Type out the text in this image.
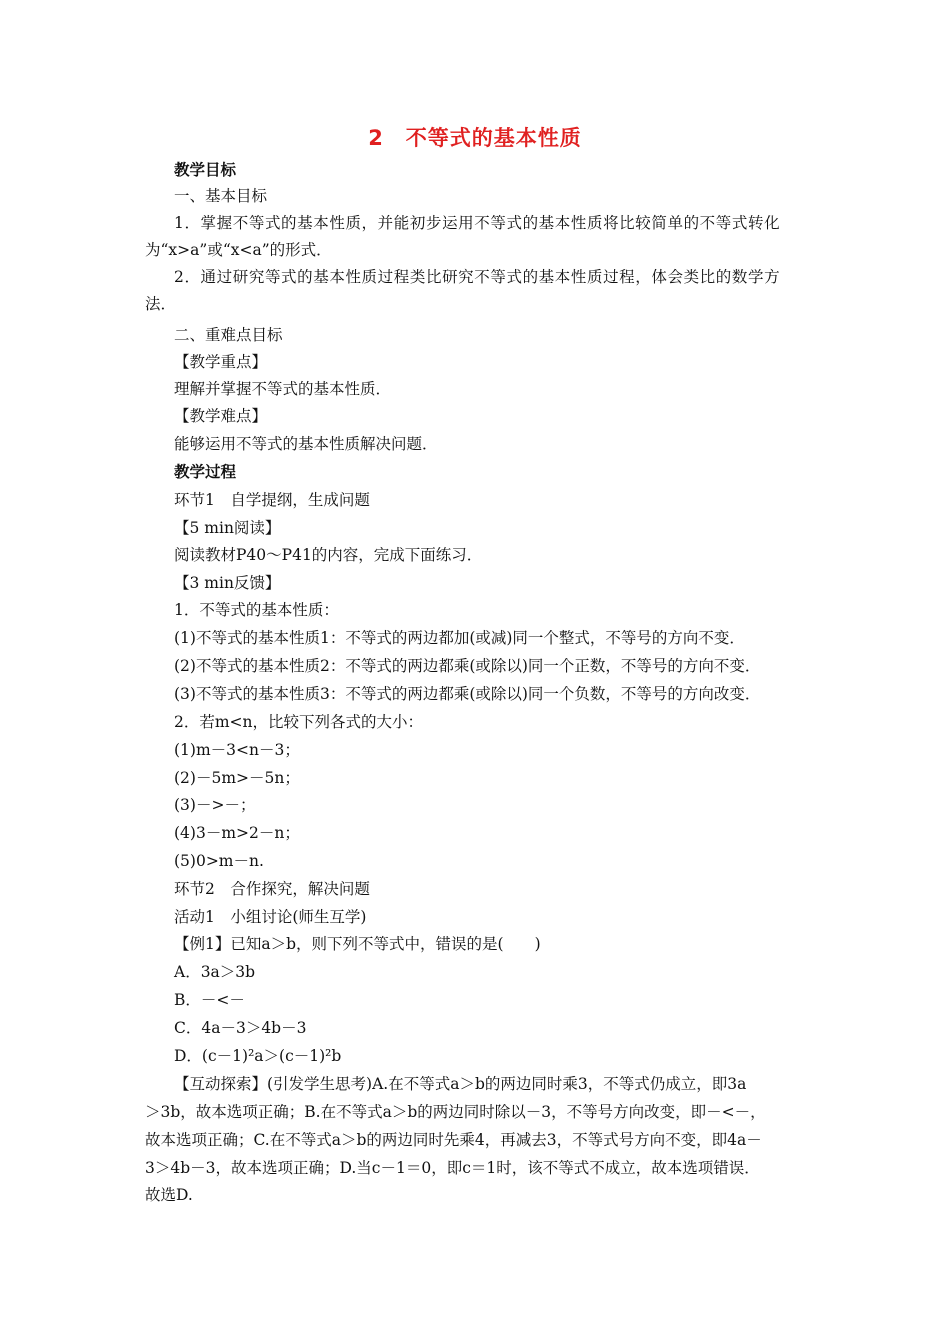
2　不等式的基本性质
教学目标
一、基本目标
1．掌握不等式的基本性质，并能初步运用不等式的基本性质将比较简单的不等式转化
为“x>a”或“x<a”的形式．
2．通过研究等式的基本性质过程类比研究不等式的基本性质过程，体会类比的数学方
法．
二、重难点目标
【教学重点】
理解并掌握不等式的基本性质．
【教学难点】
能够运用不等式的基本性质解决问题．
教学过程
环节1　自学提纲，生成问题
【5 min阅读】
阅读教材P40～P41的内容，完成下面练习．
【3 min反馈】
1．不等式的基本性质：
(1)不等式的基本性质1：不等式的两边都加(或减)同一个整式，不等号的方向不变．
(2)不等式的基本性质2：不等式的两边都乘(或除以)同一个正数，不等号的方向不变．
(3)不等式的基本性质3：不等式的两边都乘(或除以)同一个负数，不等号的方向改变．
2．若m<n，比较下列各式的大小：
(1)m－3<n－3；
(2)－5m>－5n；
(3)－>－；
(4)3－m>2－n；
(5)0>m－n.
环节2　合作探究，解决问题
活动1　小组讨论(师生互学)
【例1】已知a＞b，则下列不等式中，错误的是(　　)
A．3a＞3b
B．－<－
C．4a－3＞4b－3
D．(c－1)²a＞(c－1)²b
【互动探索】(引发学生思考)A.在不等式a＞b的两边同时乘3，不等式仍成立，即3a
＞3b，故本选项正确；B.在不等式a＞b的两边同时除以－3，不等号方向改变，即－<－，
故本选项正确；C.在不等式a＞b的两边同时先乘4，再减去3，不等式号方向不变，即4a－
3＞4b－3，故本选项正确；D.当c－1＝0，即c＝1时，该不等式不成立，故本选项错误．
故选D.
